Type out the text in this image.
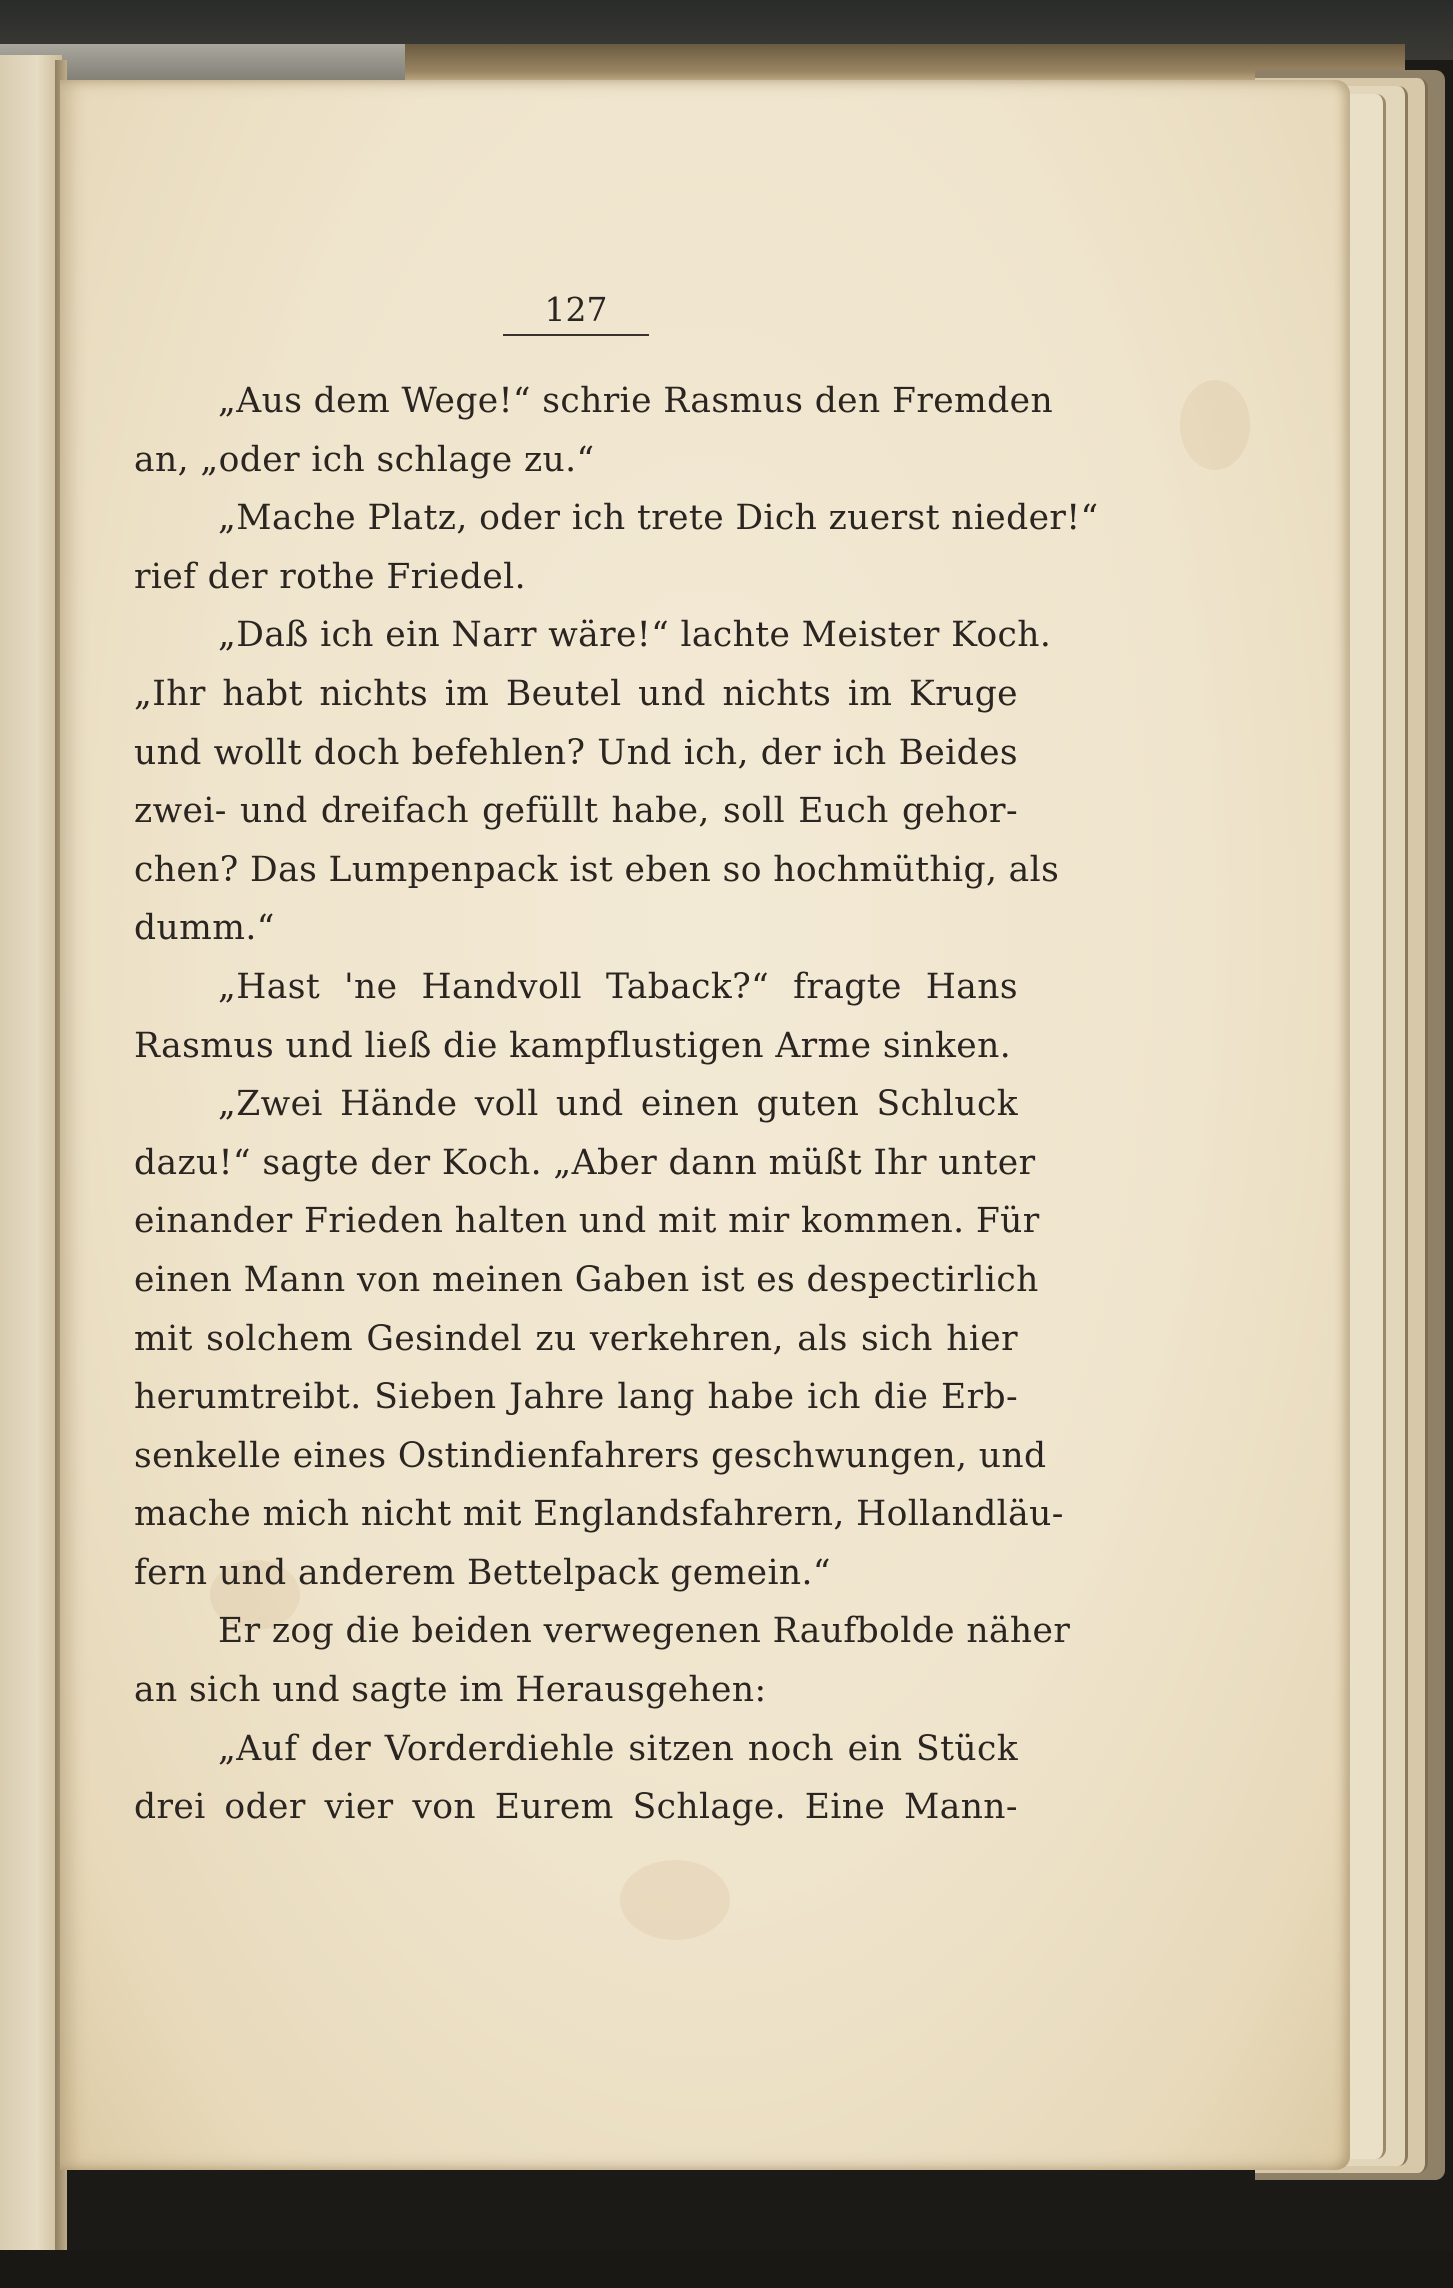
127
„Aus dem Wege!“ schrie Rasmus den Fremden
an, „oder ich schlage zu.“
„Mache Platz, oder ich trete Dich zuerst nieder!“
rief der rothe Friedel.
„Daß ich ein Narr wäre!“ lachte Meister Koch.
„Ihr habt nichts im Beutel und nichts im Kruge
und wollt doch befehlen? Und ich, der ich Beides
zwei- und dreifach gefüllt habe, soll Euch gehor-
chen? Das Lumpenpack ist eben so hochmüthig, als
dumm.“
„Hast 'ne Handvoll Taback?“ fragte Hans
Rasmus und ließ die kampflustigen Arme sinken.
„Zwei Hände voll und einen guten Schluck
dazu!“ sagte der Koch. „Aber dann müßt Ihr unter
einander Frieden halten und mit mir kommen. Für
einen Mann von meinen Gaben ist es despectirlich
mit solchem Gesindel zu verkehren, als sich hier
herumtreibt. Sieben Jahre lang habe ich die Erb-
senkelle eines Ostindienfahrers geschwungen, und
mache mich nicht mit Englandsfahrern, Hollandläu-
fern und anderem Bettelpack gemein.“
Er zog die beiden verwegenen Raufbolde näher
an sich und sagte im Herausgehen:
„Auf der Vorderdiehle sitzen noch ein Stück
drei oder vier von Eurem Schlage. Eine Mann-
